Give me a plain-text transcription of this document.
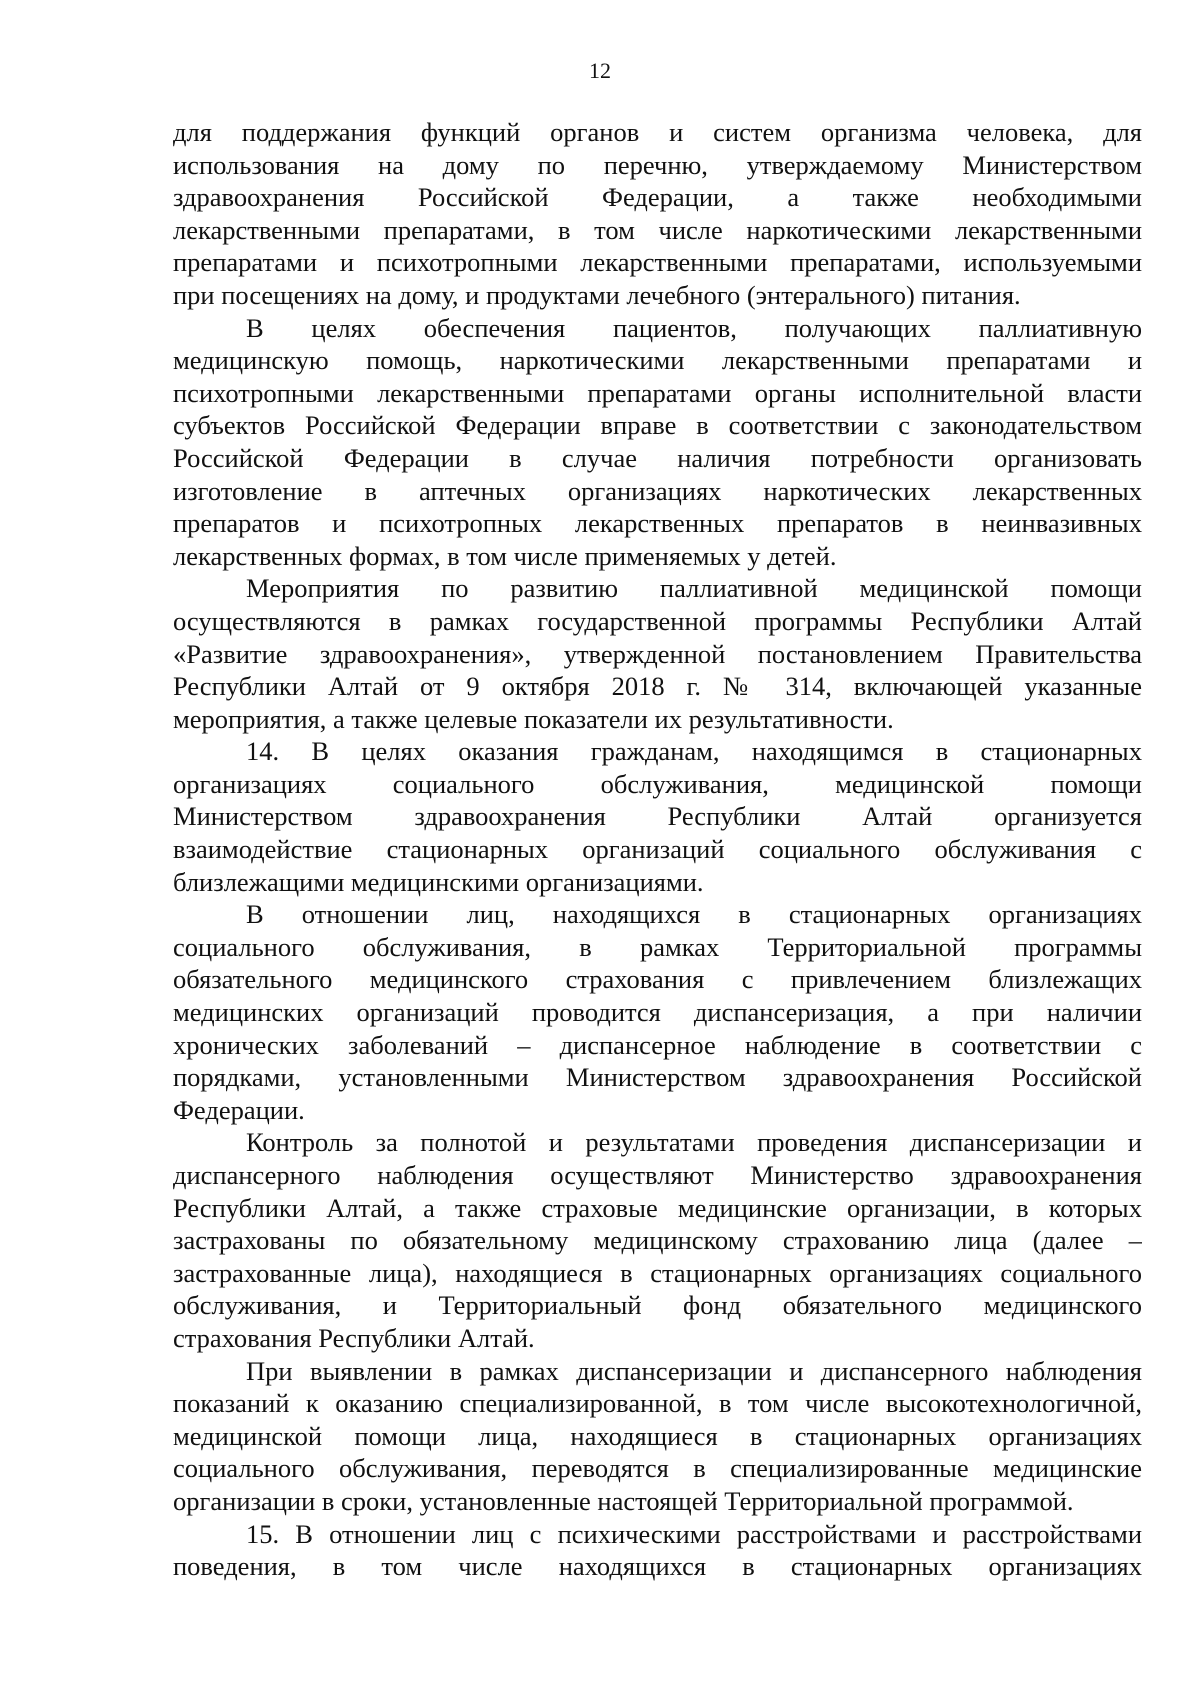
12
для поддержания функций органов и систем организма человека, для
использования на дому по перечню, утверждаемому Министерством
здравоохранения Российской Федерации, а также необходимыми
лекарственными препаратами, в том числе наркотическими лекарственными
препаратами и психотропными лекарственными препаратами, используемыми
при посещениях на дому, и продуктами лечебного (энтерального) питания.
В целях обеспечения пациентов, получающих паллиативную
медицинскую помощь, наркотическими лекарственными препаратами и
психотропными лекарственными препаратами органы исполнительной власти
субъектов Российской Федерации вправе в соответствии с законодательством
Российской Федерации в случае наличия потребности организовать
изготовление в аптечных организациях наркотических лекарственных
препаратов и психотропных лекарственных препаратов в неинвазивных
лекарственных формах, в том числе применяемых у детей.
Мероприятия по развитию паллиативной медицинской помощи
осуществляются в рамках государственной программы Республики Алтай
«Развитие здравоохранения», утвержденной постановлением Правительства
Республики Алтай от 9 октября 2018 г. № 314, включающей указанные
мероприятия, а также целевые показатели их результативности.
14. В целях оказания гражданам, находящимся в стационарных
организациях социального обслуживания, медицинской помощи
Министерством здравоохранения Республики Алтай организуется
взаимодействие стационарных организаций социального обслуживания с
близлежащими медицинскими организациями.
В отношении лиц, находящихся в стационарных организациях
социального обслуживания, в рамках Территориальной программы
обязательного медицинского страхования с привлечением близлежащих
медицинских организаций проводится диспансеризация, а при наличии
хронических заболеваний – диспансерное наблюдение в соответствии с
порядками, установленными Министерством здравоохранения Российской
Федерации.
Контроль за полнотой и результатами проведения диспансеризации и
диспансерного наблюдения осуществляют Министерство здравоохранения
Республики Алтай, а также страховые медицинские организации, в которых
застрахованы по обязательному медицинскому страхованию лица (далее –
застрахованные лица), находящиеся в стационарных организациях социального
обслуживания, и Территориальный фонд обязательного медицинского
страхования Республики Алтай.
При выявлении в рамках диспансеризации и диспансерного наблюдения
показаний к оказанию специализированной, в том числе высокотехнологичной,
медицинской помощи лица, находящиеся в стационарных организациях
социального обслуживания, переводятся в специализированные медицинские
организации в сроки, установленные настоящей Территориальной программой.
15. В отношении лиц с психическими расстройствами и расстройствами
поведения, в том числе находящихся в стационарных организациях
